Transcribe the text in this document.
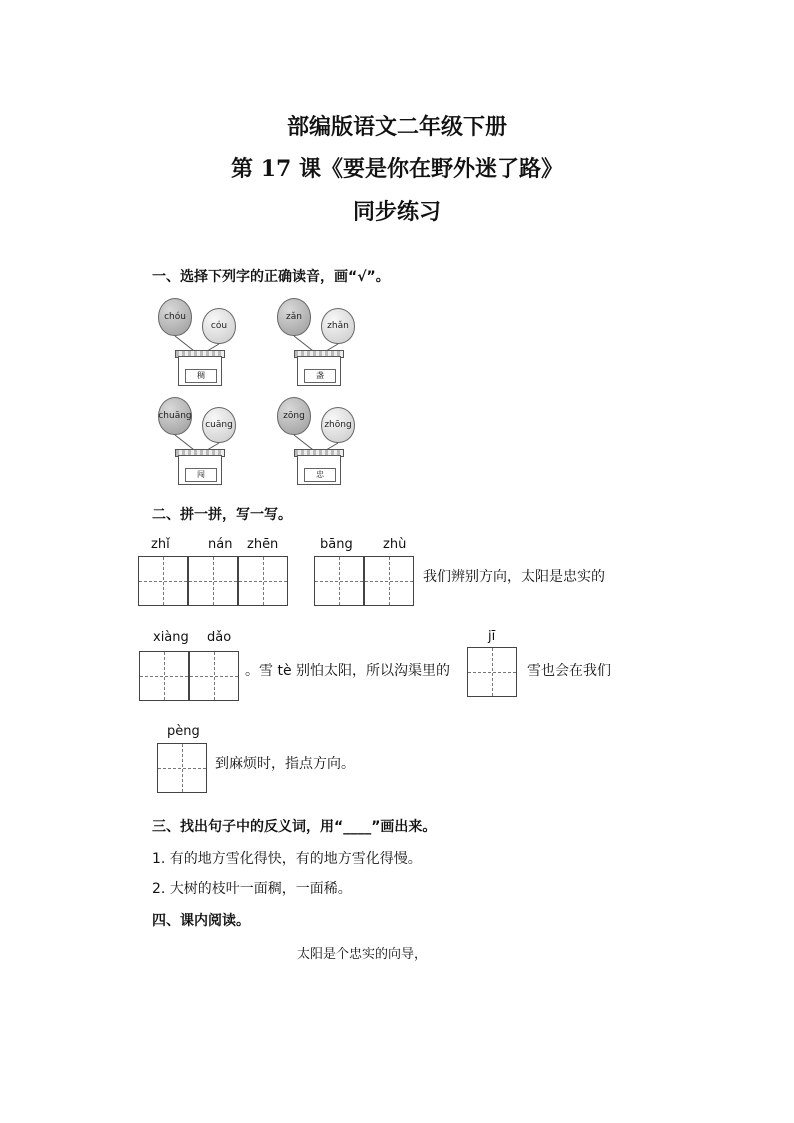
部编版语文二年级下册
第 17 课《要是你在野外迷了路》
同步练习
一、选择下列字的正确读音，画“√”。
chóu
cóu
稠
zǎn
zhǎn
盏
chuāng
cuāng
闯
zōng
zhōng
忠
二、拼一拼，写一写。
zhǐ	nán zhēn	bāng zhù
我们辨别方向，太阳是忠实的
xiàng dǎo	jī
。雪 tè 别怕太阳，所以沟渠里的	雪也会在我们
pèng
到麻烦时，指点方向。
三、找出句子中的反义词，用“____”画出来。
1. 有的地方雪化得快，有的地方雪化得慢。
2. 大树的枝叶一面稠，一面稀。
四、课内阅读。
太阳是个忠实的向导，
